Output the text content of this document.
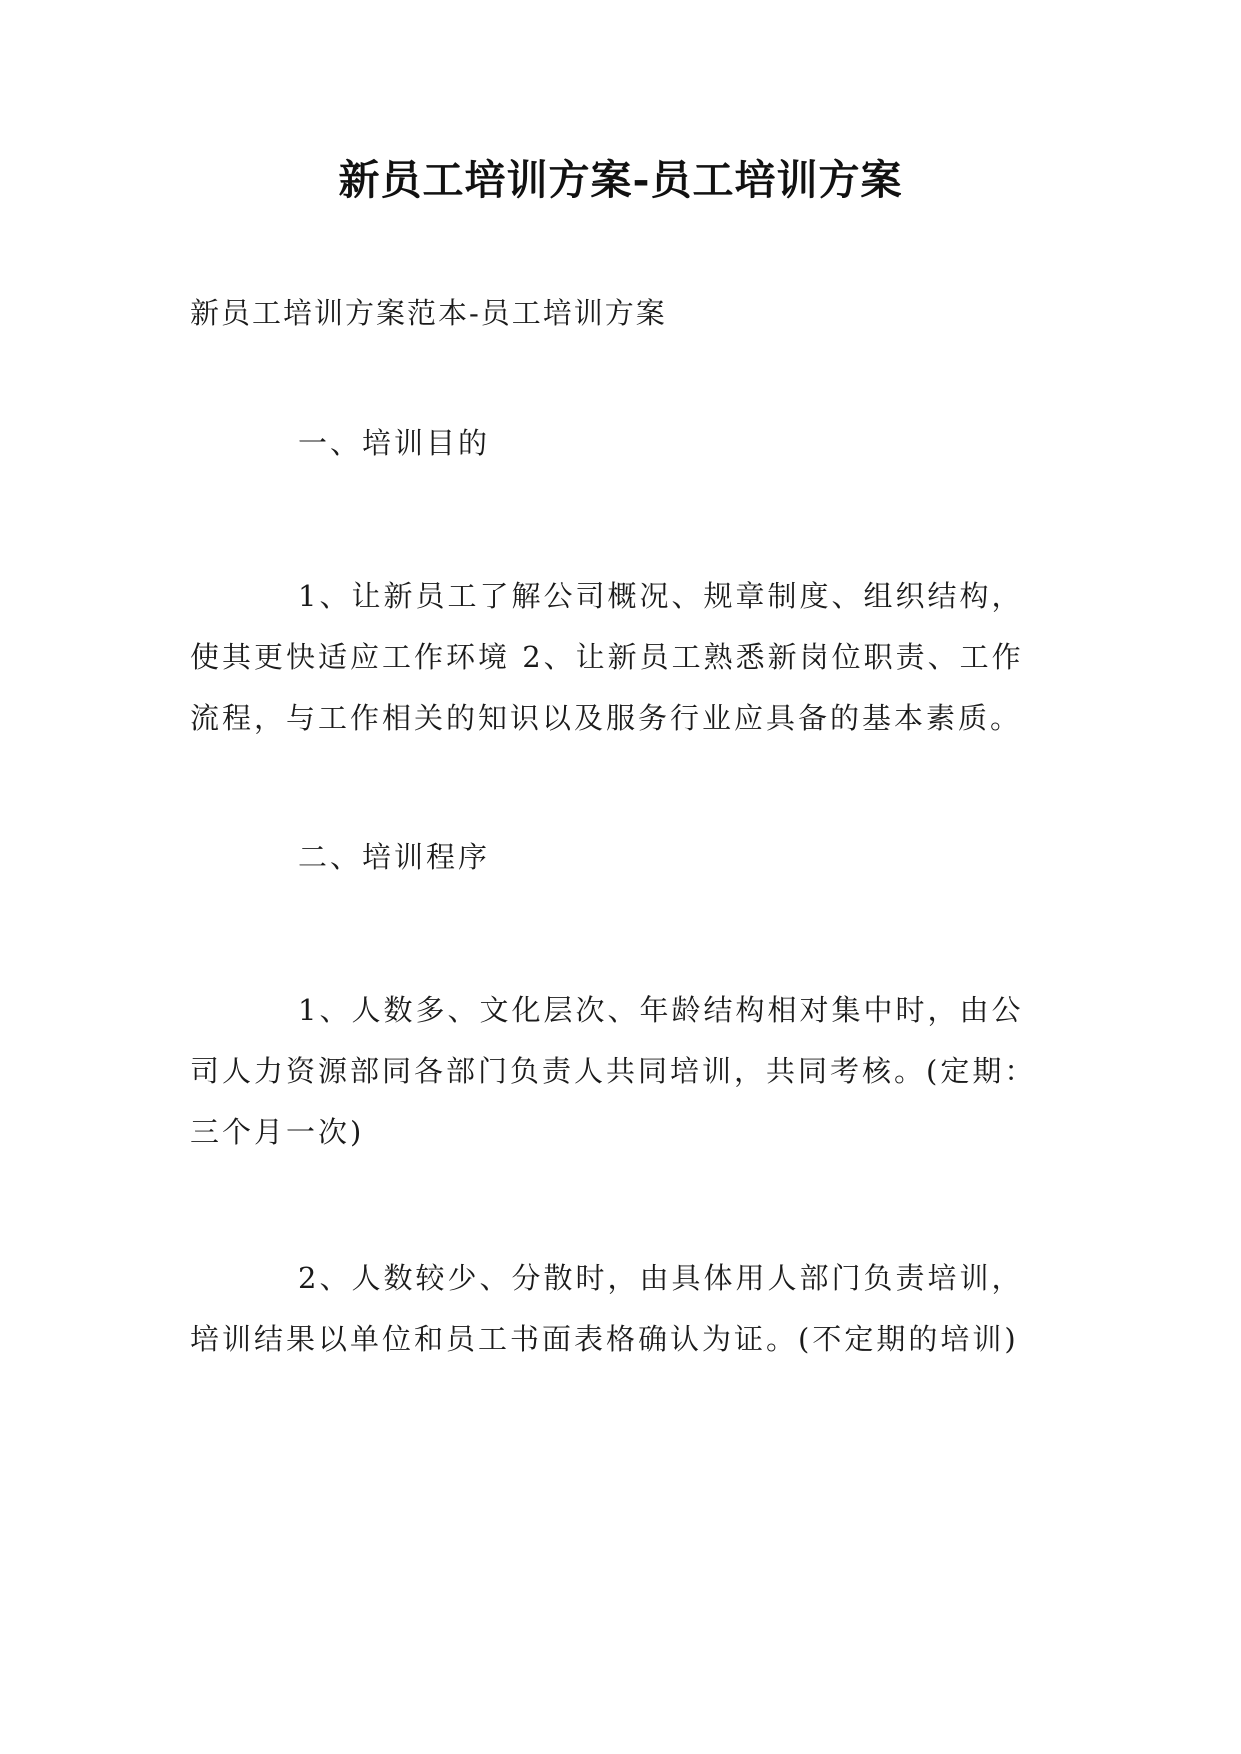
新员工培训方案-员工培训方案
新员工培训方案范本-员工培训方案
一、培训目的
1、让新员工了解公司概况、规章制度、组织结构，
使其更快适应工作环境 2、让新员工熟悉新岗位职责、工作
流程，与工作相关的知识以及服务行业应具备的基本素质。
二、培训程序
1、人数多、文化层次、年龄结构相对集中时，由公
司人力资源部同各部门负责人共同培训，共同考核。(定期：
三个月一次)
2、人数较少、分散时，由具体用人部门负责培训，
培训结果以单位和员工书面表格确认为证。(不定期的培训)
